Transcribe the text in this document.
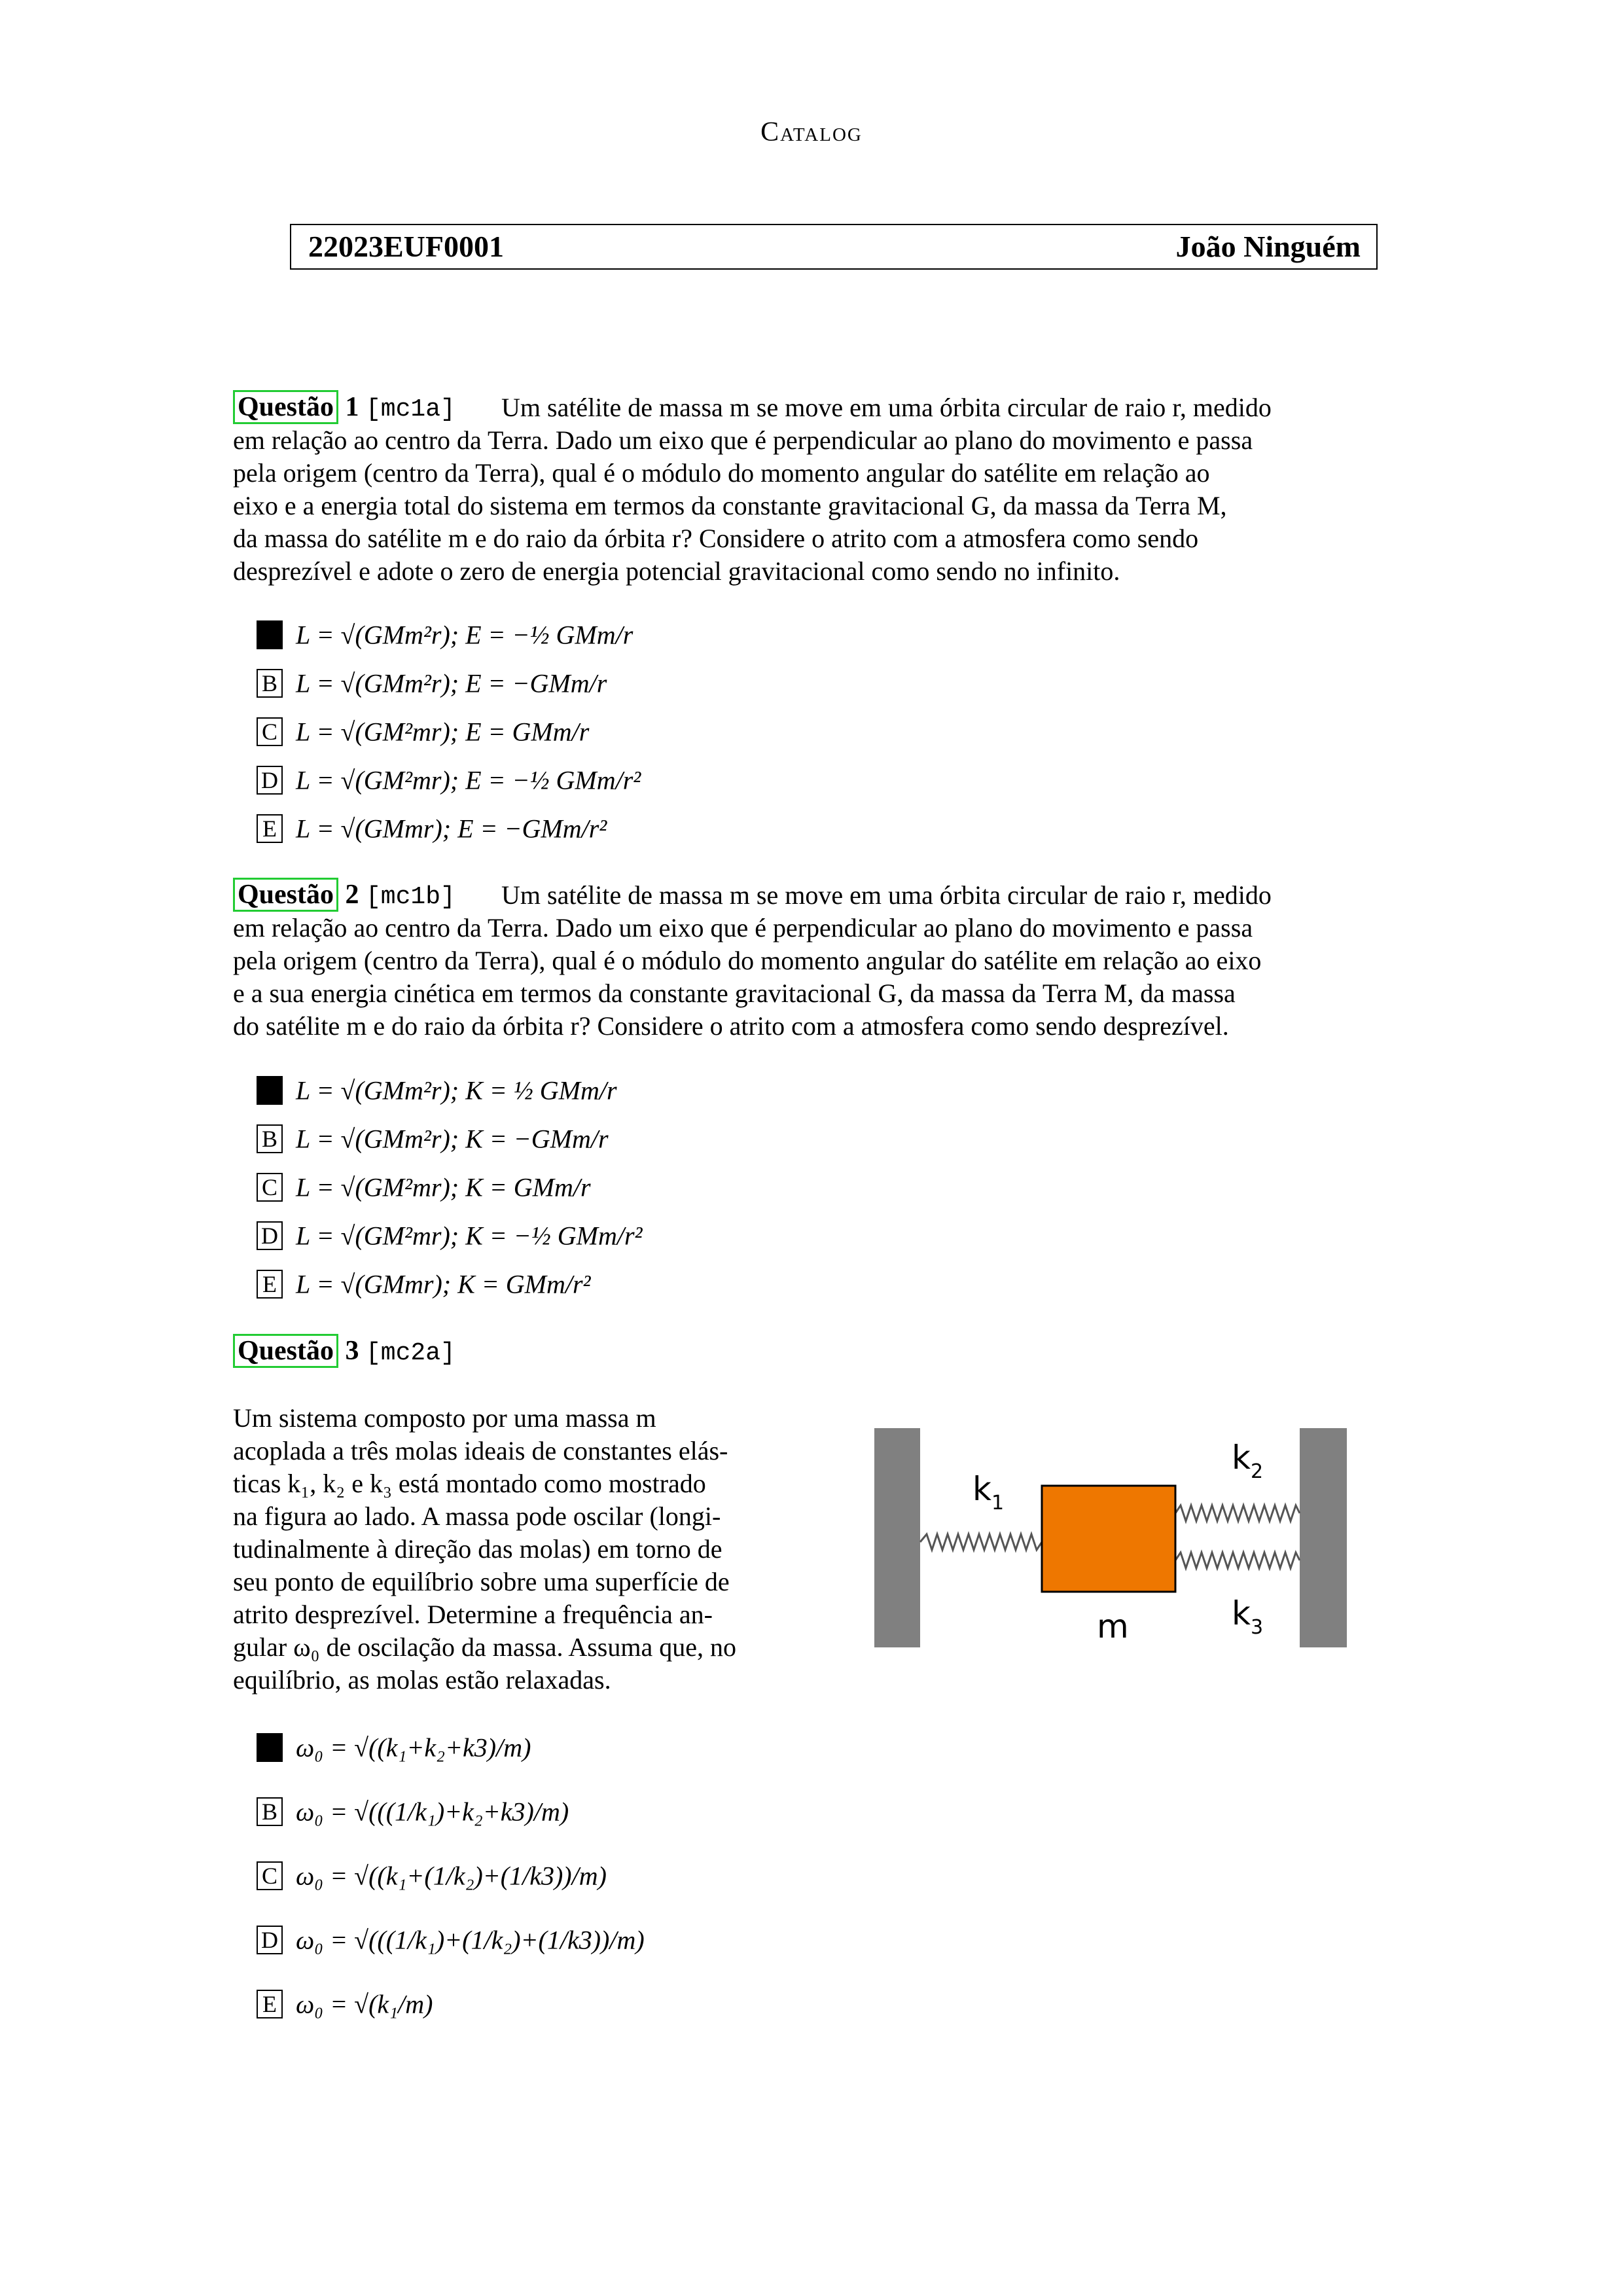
Catalog
22023EUF0001	João Ninguém
Questão 1 [mc1a]	Um satélite de massa m se move em uma órbita circular de raio r, medido
em relação ao centro da Terra. Dado um eixo que é perpendicular ao plano do movimento e passa
pela origem (centro da Terra), qual é o módulo do momento angular do satélite em relação ao
eixo e a energia total do sistema em termos da constante gravitacional G, da massa da Terra M,
da massa do satélite m e do raio da órbita r? Considere o atrito com a atmosfera como sendo
desprezível e adote o zero de energia potencial gravitacional como sendo no infinito.
L = √(GMm²r); E = −½ GMm/r
B L = √(GMm²r); E = −GMm/r
C L = √(GM²mr); E = GMm/r
D L = √(GM²mr); E = −½ GMm/r²
E L = √(GMmr); E = −GMm/r²
Questão 2 [mc1b]	Um satélite de massa m se move em uma órbita circular de raio r, medido
em relação ao centro da Terra. Dado um eixo que é perpendicular ao plano do movimento e passa
pela origem (centro da Terra), qual é o módulo do momento angular do satélite em relação ao eixo
e a sua energia cinética em termos da constante gravitacional G, da massa da Terra M, da massa
do satélite m e do raio da órbita r? Considere o atrito com a atmosfera como sendo desprezível.
L = √(GMm²r); K = ½ GMm/r
B L = √(GMm²r); K = −GMm/r
C L = √(GM²mr); K = GMm/r
D L = √(GM²mr); K = −½ GMm/r²
E L = √(GMmr); K = GMm/r²
Questão 3 [mc2a]
Um sistema composto por uma massa m
acoplada a três molas ideais de constantes elás-
ticas k₁, k₂ e k₃ está montado como mostrado
na figura ao lado. A massa pode oscilar (longi-
tudinalmente à direção das molas) em torno de
seu ponto de equilíbrio sobre uma superfície de
atrito desprezível. Determine a frequência an-
gular ω₀ de oscilação da massa. Assuma que, no
equilíbrio, as molas estão relaxadas.
$k_1$
$k_2$
$k_3$
m
ω₀ = √((k₁+k₂+k3)/m)
B ω₀ = √(((1/k₁)+k₂+k3)/m)
C ω₀ = √((k₁+(1/k₂)+(1/k3))/m)
D ω₀ = √(((1/k₁)+(1/k₂)+(1/k3))/m)
E ω₀ = √(k₁/m)
